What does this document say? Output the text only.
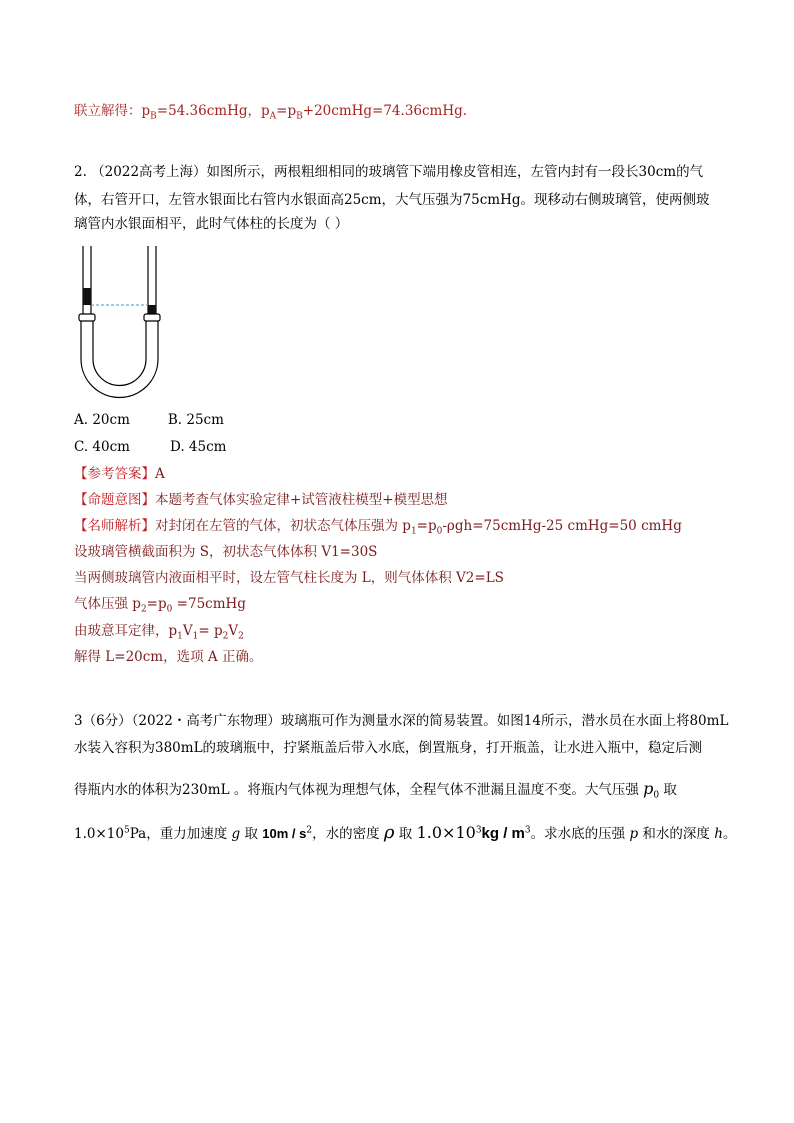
联立解得：$p_B=54.36cmHg$，$p_A=p_B+20cmHg=74.36cmHg$.
2. （2022高考上海）如图所示，两根粗细相同的玻璃管下端用橡皮管相连，左管内封有一段长30cm的气
体，右管开口，左管水银面比右管内水银面高25cm，大气压强为75cmHg。现移动右侧玻璃管，使两侧玻
璃管内水银面相平，此时气体柱的长度为（ ）
A. 20cm	B. 25cm
C. 40cm	D. 45cm
【参考答案】A
【命题意图】本题考查气体实验定律+试管液柱模型+模型思想
【名师解析】对封闭在左管的气体，初状态气体压强为 $p_1=p_0-\rho gh=75cmHg-25$ cmHg=50 cmHg
设玻璃管横截面积为 S，初状态气体体积 V1=30S
当两侧玻璃管内液面相平时，设左管气柱长度为 L，则气体体积 V2=LS
气体压强 $p_2=p_0$ =75cmHg
由玻意耳定律，$p_1V_1= p_2V_2$
解得 L=20cm，选项 A 正确。
3（6分）（2022・高考广东物理）玻璃瓶可作为测量水深的简易装置。如图14所示，潜水员在水面上将80mL
水装入容积为380mL的玻璃瓶中，拧紧瓶盖后带入水底，倒置瓶身，打开瓶盖，让水进入瓶中，稳定后测
得瓶内水的体积为230mL 。将瓶内气体视为理想气体，全程气体不泄漏且温度不变。大气压强 $p_0$ 取
$1.0\times 10^5Pa$，重力加速度 g 取 $10m / s^2$，水的密度 ρ 取 $1.0\times 10^3kg / m^3$。求水底的压强 p 和水的深度 h。
